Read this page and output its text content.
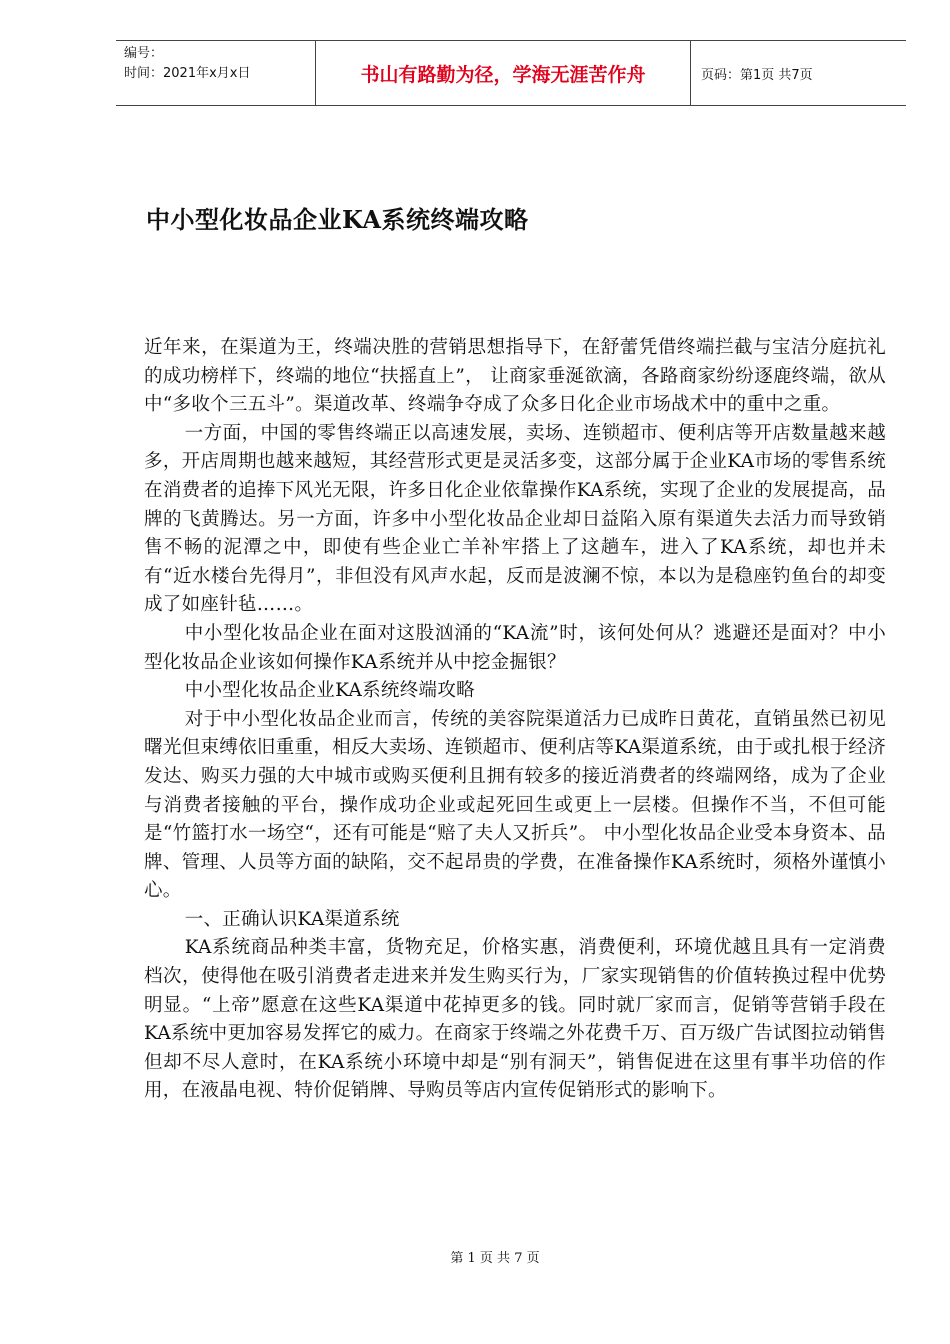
编号：
时间：2021年x月x日	书山有路勤为径，学海无涯苦作舟	页码：第1页 共7页
中小型化妆品企业KA系统终端攻略

近年来，在渠道为王，终端决胜的营销思想指导下，在舒蕾凭借终端拦截与宝洁分庭抗礼的成功榜样下，终端的地位“扶摇直上”， 让商家垂涎欲滴，各路商家纷纷逐鹿终端，欲从中“多收个三五斗”。渠道改革、终端争夺成了众多日化企业市场战术中的重中之重。

一方面，中国的零售终端正以高速发展，卖场、连锁超市、便利店等开店数量越来越多，开店周期也越来越短，其经营形式更是灵活多变，这部分属于企业KA市场的零售系统在消费者的追捧下风光无限，许多日化企业依靠操作KA系统，实现了企业的发展提高，品牌的飞黄腾达。另一方面，许多中小型化妆品企业却日益陷入原有渠道失去活力而导致销售不畅的泥潭之中，即使有些企业亡羊补牢搭上了这趟车，进入了KA系统，却也并未有“近水楼台先得月”，非但没有风声水起，反而是波澜不惊，本以为是稳座钓鱼台的却变成了如座针毡……。

中小型化妆品企业在面对这股汹涌的“KA流”时，该何处何从？逃避还是面对？中小型化妆品企业该如何操作KA系统并从中挖金掘银？

中小型化妆品企业KA系统终端攻略

对于中小型化妆品企业而言，传统的美容院渠道活力已成昨日黄花，直销虽然已初见曙光但束缚依旧重重，相反大卖场、连锁超市、便利店等KA渠道系统，由于或扎根于经济发达、购买力强的大中城市或购买便利且拥有较多的接近消费者的终端网络，成为了企业与消费者接触的平台，操作成功企业或起死回生或更上一层楼。但操作不当，不但可能是“竹篮打水一场空“，还有可能是“赔了夫人又折兵”。 中小型化妆品企业受本身资本、品牌、管理、人员等方面的缺陷，交不起昂贵的学费，在准备操作KA系统时，须格外谨慎小心。

一、正确认识KA渠道系统

KA系统商品种类丰富，货物充足，价格实惠，消费便利，环境优越且具有一定消费档次，使得他在吸引消费者走进来并发生购买行为，厂家实现销售的价值转换过程中优势明显。“上帝”愿意在这些KA渠道中花掉更多的钱。同时就厂家而言，促销等营销手段在KA系统中更加容易发挥它的威力。在商家于终端之外花费千万、百万级广告试图拉动销售但却不尽人意时，在KA系统小环境中却是“别有洞天”，销售促进在这里有事半功倍的作用，在液晶电视、特价促销牌、导购员等店内宣传促销形式的影响下。

第 1 页 共 7 页
